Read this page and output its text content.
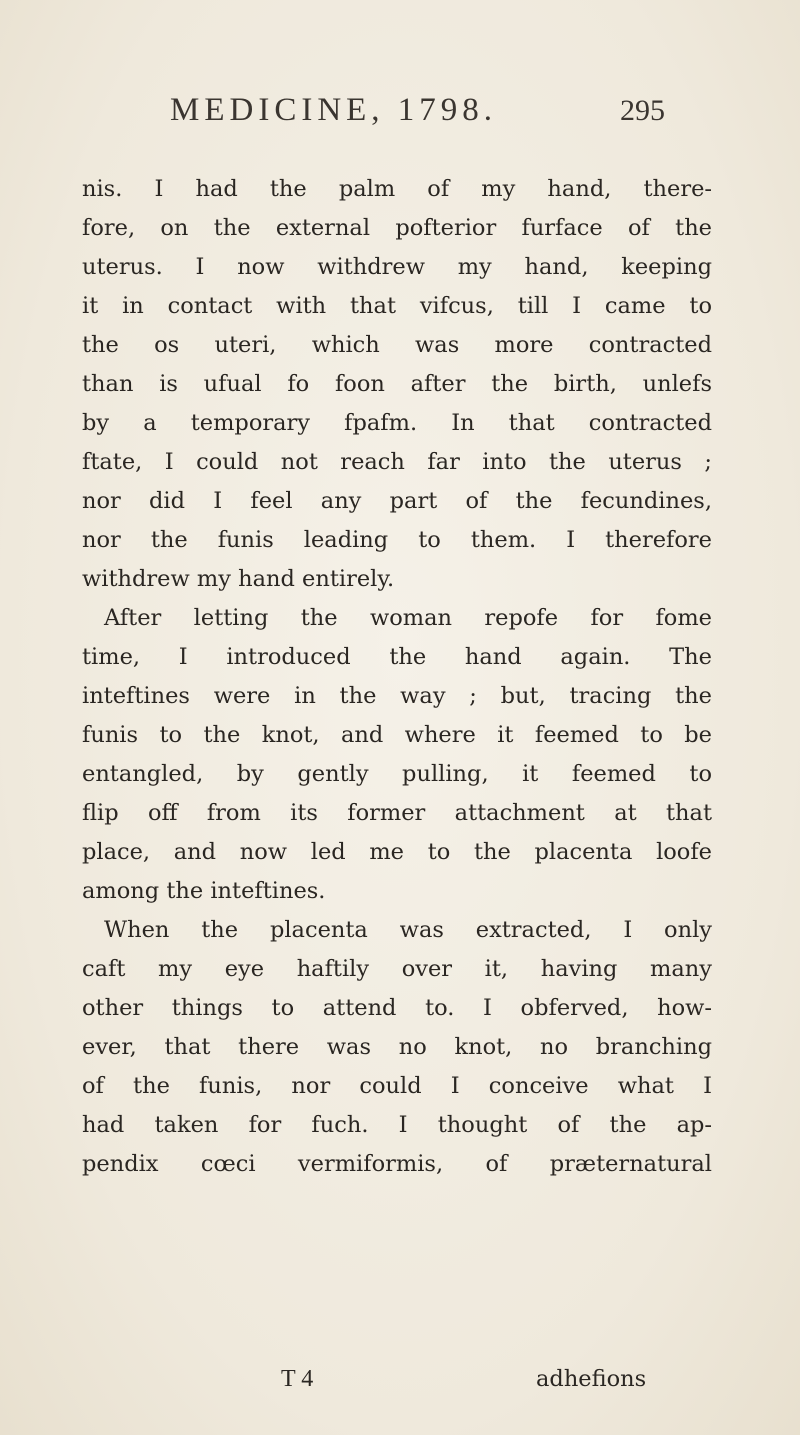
MEDICINE, 1798.	295
nis. I had the palm of my hand, there-
fore, on the external pofterior furface of the
uterus. I now withdrew my hand, keeping
it in contact with that vifcus, till I came to
the os uteri, which was more contracted
than is ufual fo foon after the birth, unlefs
by a temporary fpafm. In that contracted
ftate, I could not reach far into the uterus ;
nor did I feel any part of the fecundines,
nor the funis leading to them. I therefore
withdrew my hand entirely.
After letting the woman repofe for fome
time, I introduced the hand again. The
inteftines were in the way ; but, tracing the
funis to the knot, and where it feemed to be
entangled, by gently pulling, it feemed to
flip off from its former attachment at that
place, and now led me to the placenta loofe
among the inteftines.
When the placenta was extracted, I only
caft my eye haftily over it, having many
other things to attend to. I obferved, how-
ever, that there was no knot, no branching
of the funis, nor could I conceive what I
had taken for fuch. I thought of the ap-
pendix cœci vermiformis, of præternatural
T 4	adhefions
